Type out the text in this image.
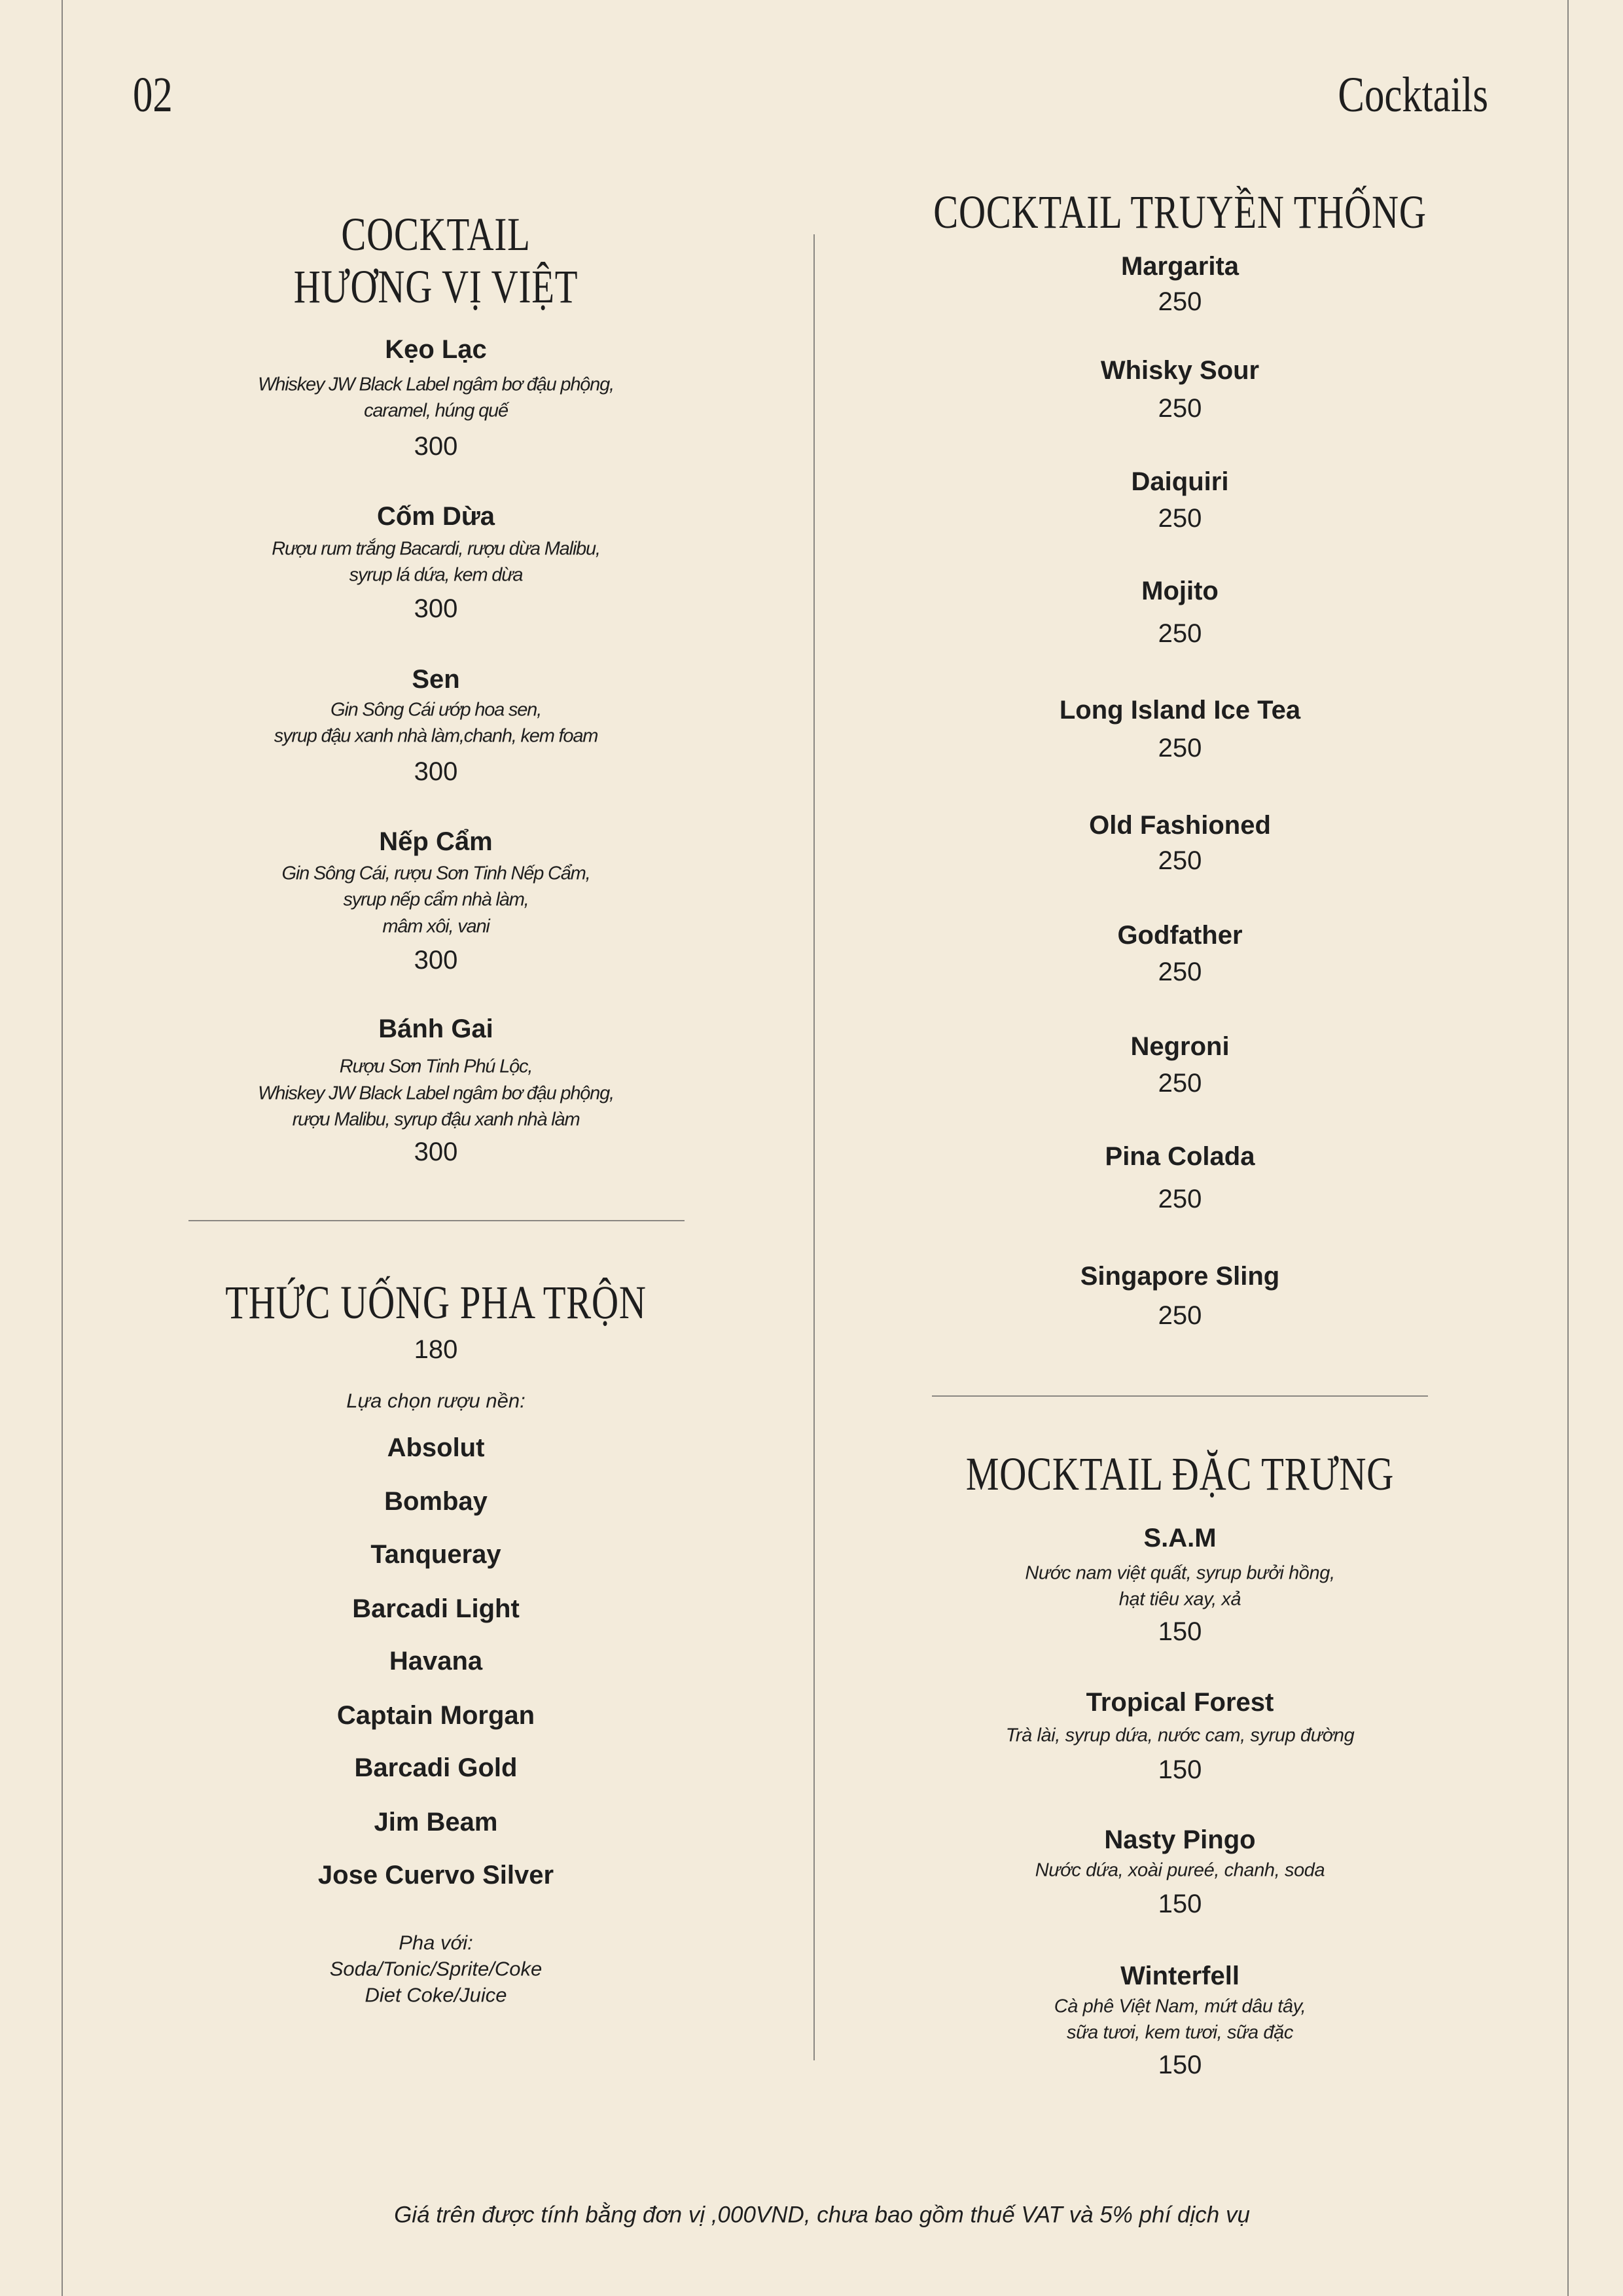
02	Cocktails
COCKTAIL
HƯƠNG VỊ VIỆT
Kẹo Lạc
Whiskey JW Black Label ngâm bơ đậu phộng,
caramel, húng quế
300
Cốm Dừa
Rượu rum trắng Bacardi, rượu dừa Malibu,
syrup lá dứa, kem dừa
300
Sen
Gin Sông Cái ướp hoa sen,
syrup đậu xanh nhà làm,chanh, kem foam
300
Nếp Cẩm
Gin Sông Cái, rượu Sơn Tinh Nếp Cẩm,
syrup nếp cẩm nhà làm,
mâm xôi, vani
300
Bánh Gai
Rượu Sơn Tinh Phú Lộc,
Whiskey JW Black Label ngâm bơ đậu phộng,
rượu Malibu, syrup đậu xanh nhà làm
300
THỨC UỐNG PHA TRỘN
180
Lựa chọn rượu nền:
Absolut
Bombay
Tanqueray
Barcadi Light
Havana
Captain Morgan
Barcadi Gold
Jim Beam
Jose Cuervo Silver
Pha với:
Soda/Tonic/Sprite/Coke
Diet Coke/Juice
COCKTAIL TRUYỀN THỐNG
Margarita
250
Whisky Sour
250
Daiquiri
250
Mojito
250
Long Island Ice Tea
250
Old Fashioned
250
Godfather
250
Negroni
250
Pina Colada
250
Singapore Sling
250
MOCKTAIL ĐẶC TRƯNG
S.A.M
Nước nam việt quất, syrup bưởi hồng,
hạt tiêu xay, xả
150
Tropical Forest
Trà lài, syrup dứa, nước cam, syrup đường
150
Nasty Pingo
Nước dứa, xoài pureé, chanh, soda
150
Winterfell
Cà phê Việt Nam, mứt dâu tây,
sữa tươi, kem tươi, sữa đặc
150
Giá trên được tính bằng đơn vị ,000VND, chưa bao gồm thuế VAT và 5% phí dịch vụ
